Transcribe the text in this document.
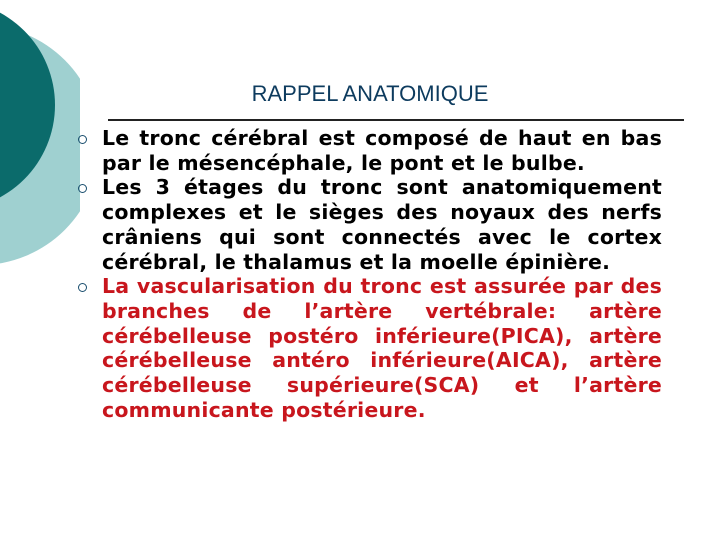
RAPPEL ANATOMIQUE
Le tronc cérébral est composé de haut en bas par le mésencéphale, le pont et le bulbe.
Les 3 étages du tronc sont anatomiquement complexes et le sièges des noyaux des nerfs crâniens qui sont connectés avec le cortex cérébral, le thalamus et la moelle épinière.
La vascularisation du tronc est assurée par des branches de l’artère vertébrale: artère cérébelleuse postéro inférieure(PICA), artère cérébelleuse antéro inférieure(AICA), artère cérébelleuse supérieure(SCA) et l’artère communicante postérieure.
